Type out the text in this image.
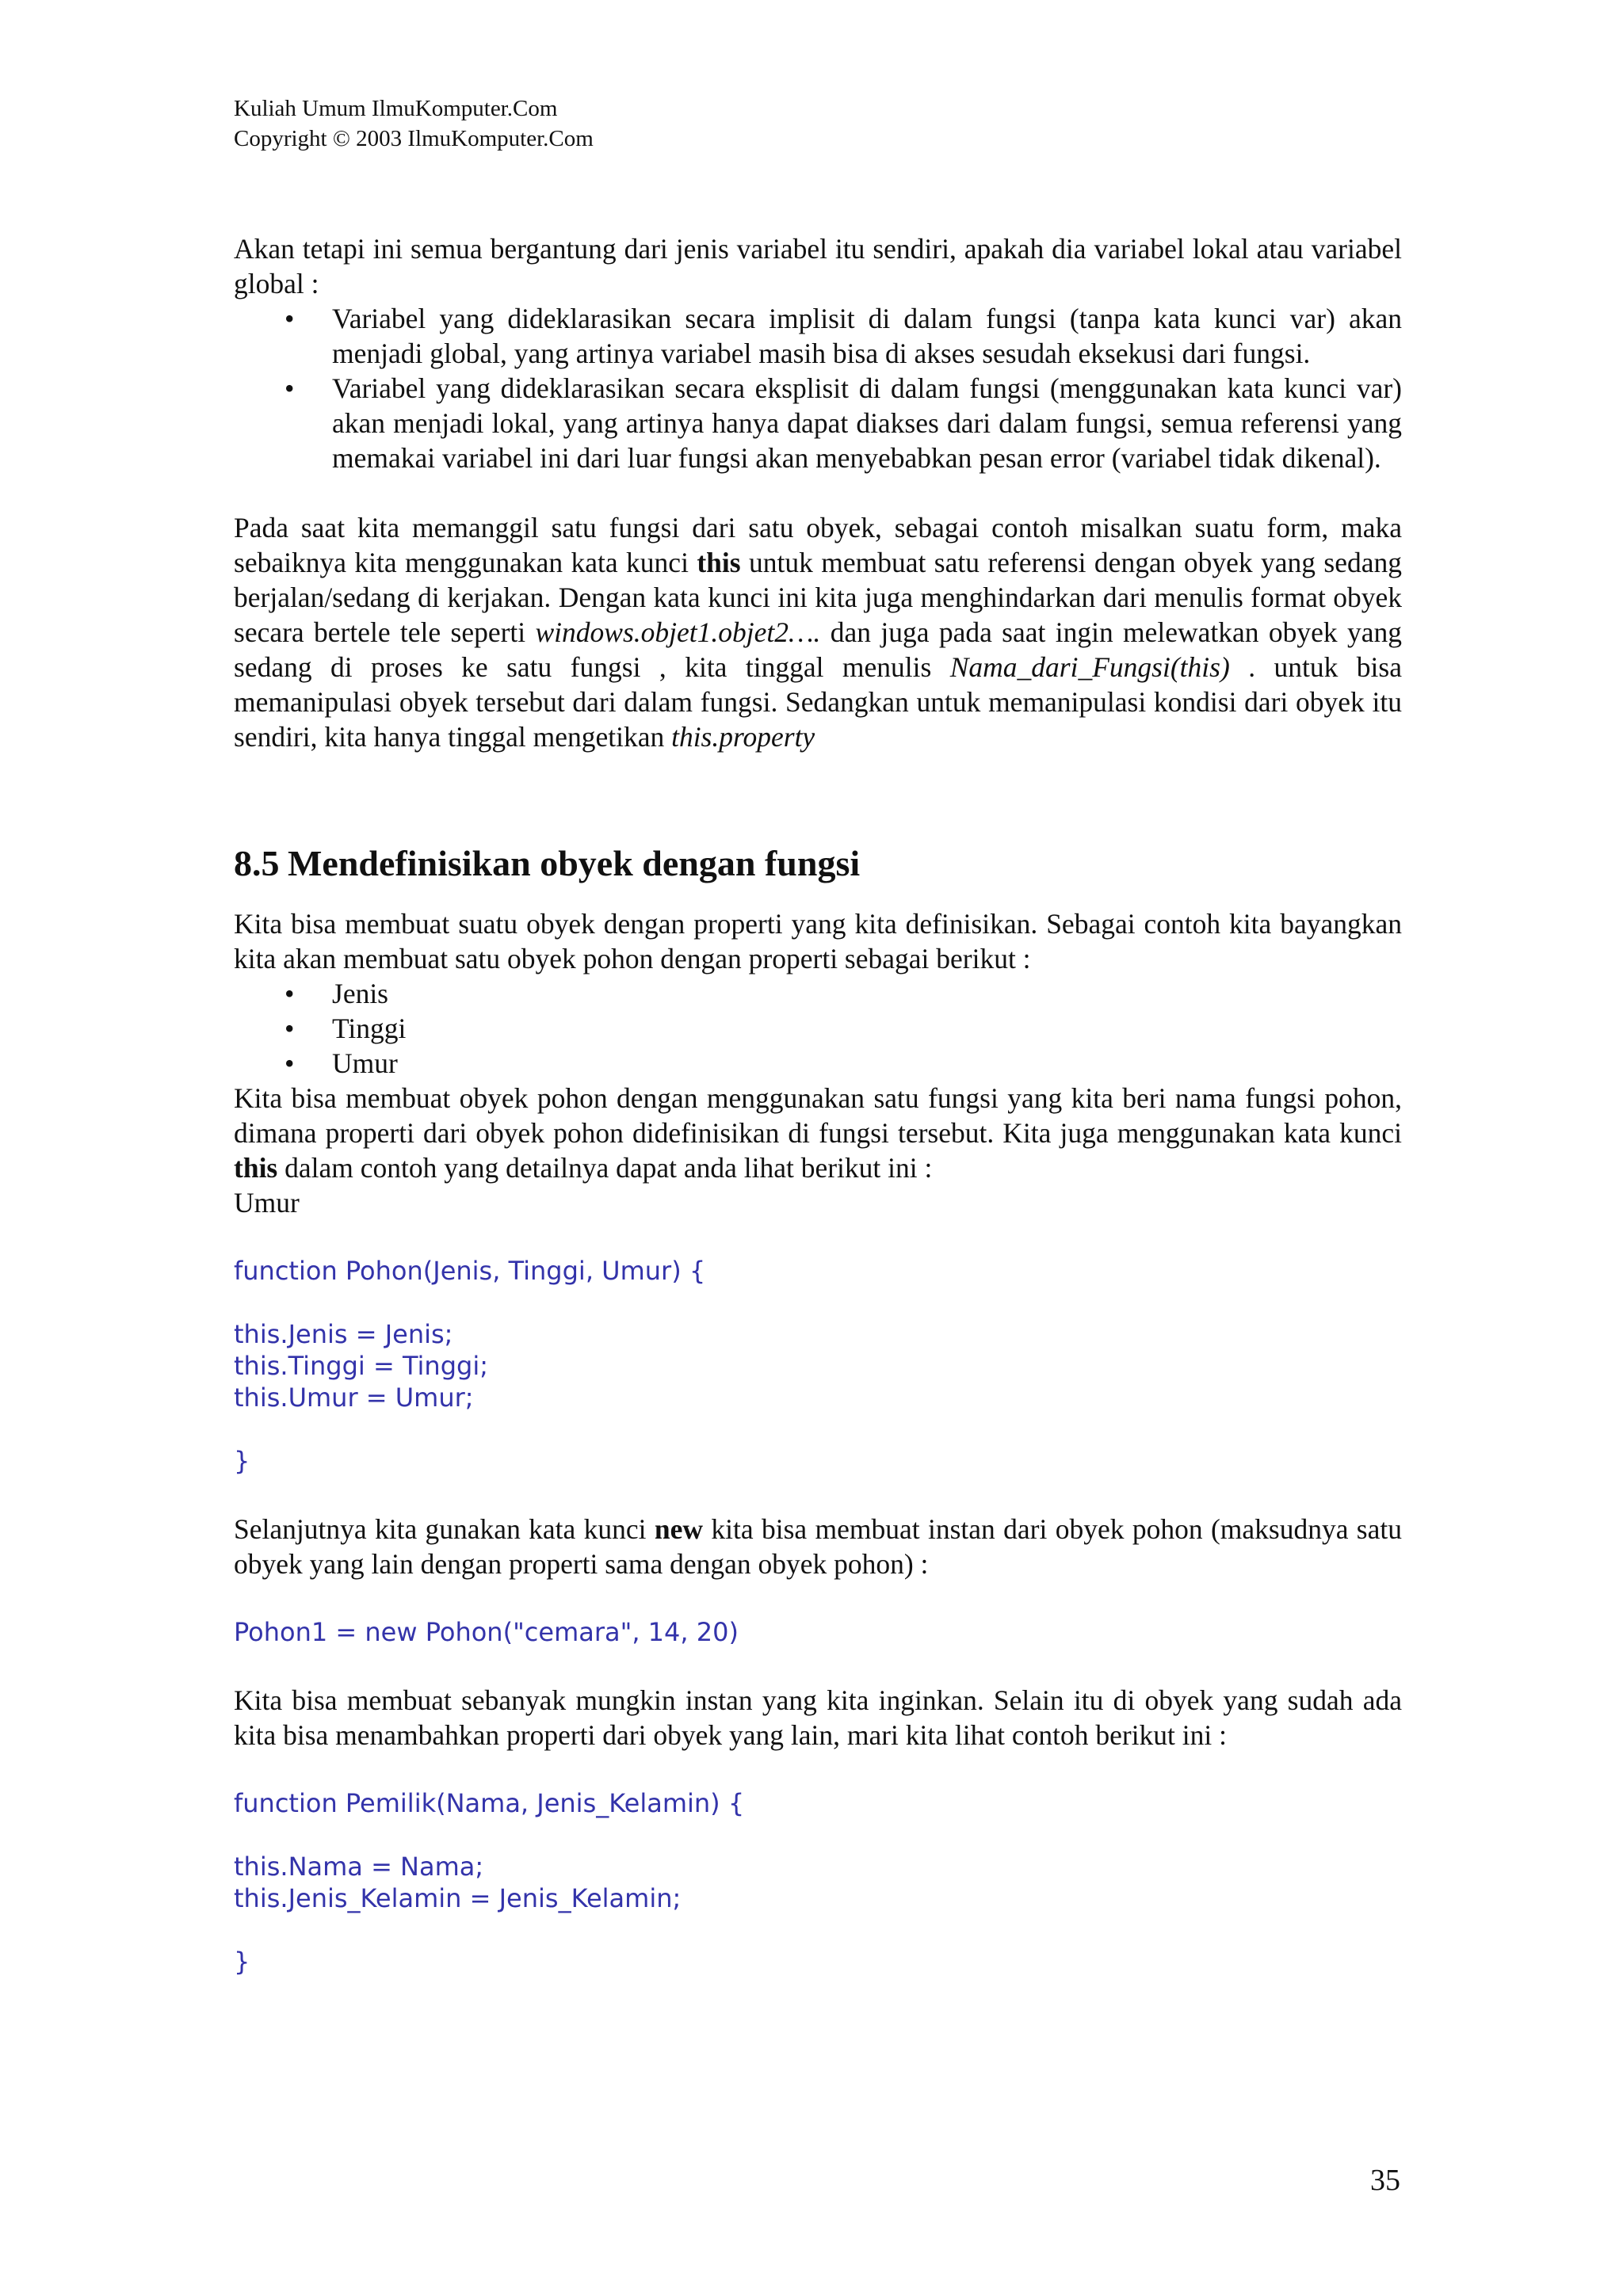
Kuliah Umum IlmuKomputer.Com
Copyright © 2003 IlmuKomputer.Com

Akan tetapi ini semua bergantung dari jenis variabel itu sendiri, apakah dia variabel lokal atau variabel global :

• Variabel yang dideklarasikan secara implisit di dalam fungsi (tanpa kata kunci var) akan menjadi global, yang artinya variabel masih bisa di akses sesudah eksekusi dari fungsi.
• Variabel yang dideklarasikan secara eksplisit di dalam fungsi (menggunakan kata kunci var) akan menjadi lokal, yang artinya hanya dapat diakses dari dalam fungsi, semua referensi yang memakai variabel ini dari luar fungsi akan menyebabkan pesan error (variabel tidak dikenal).

Pada saat kita memanggil satu fungsi dari satu obyek, sebagai contoh misalkan suatu form, maka sebaiknya kita menggunakan kata kunci this untuk membuat satu referensi dengan obyek yang sedang berjalan/sedang di kerjakan. Dengan kata kunci ini kita juga menghindarkan dari menulis format obyek secara bertele tele seperti windows.objet1.objet2…. dan juga pada saat ingin melewatkan obyek yang sedang di proses ke satu fungsi , kita tinggal menulis Nama_dari_Fungsi(this) . untuk bisa memanipulasi obyek tersebut dari dalam fungsi. Sedangkan untuk memanipulasi kondisi dari obyek itu sendiri, kita hanya tinggal mengetikan this.property

8.5 Mendefinisikan obyek dengan fungsi

Kita bisa membuat suatu obyek dengan properti yang kita definisikan. Sebagai contoh kita bayangkan kita akan membuat satu obyek pohon dengan properti sebagai berikut :

• Jenis
• Tinggi
• Umur

Kita bisa membuat obyek pohon dengan menggunakan satu fungsi yang kita beri nama fungsi pohon, dimana properti dari obyek pohon didefinisikan di fungsi tersebut. Kita juga menggunakan kata kunci this dalam contoh yang detailnya dapat anda lihat berikut ini :

Umur

function Pohon(Jenis, Tinggi, Umur) {
this.Jenis = Jenis;
this.Tinggi = Tinggi;
this.Umur = Umur;
}

Selanjutnya kita gunakan kata kunci new kita bisa membuat instan dari obyek pohon (maksudnya satu obyek yang lain dengan properti sama dengan obyek pohon) :

Pohon1 = new Pohon("cemara", 14, 20)

Kita bisa membuat sebanyak mungkin instan yang kita inginkan. Selain itu di obyek yang sudah ada kita bisa menambahkan properti dari obyek yang lain, mari kita lihat contoh berikut ini :

function Pemilik(Nama, Jenis_Kelamin) {
this.Nama = Nama;
this.Jenis_Kelamin = Jenis_Kelamin;
}
35
